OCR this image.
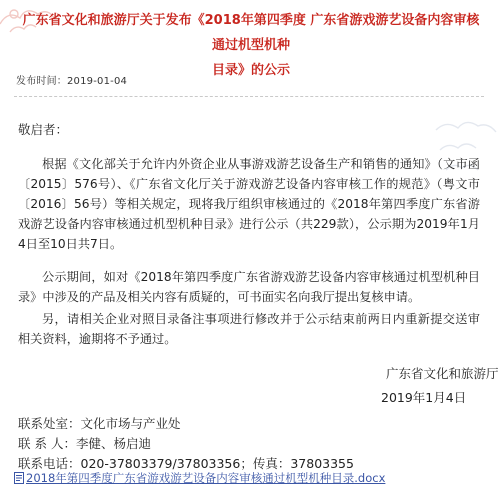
广东省文化和旅游厅关于发布《2018年第四季度 广东省游戏游艺设备内容审核通过机型机种
目录》的公示
发布时间：2019-01-04
敬启者：

根据《文化部关于允许内外资企业从事游戏游艺设备生产和销售的通知》（文市函〔2015〕576号）、《广东省文化厅关于游戏游艺设备内容审核工作的规范》（粤文市〔2016〕56号）等相关规定，现将我厅组织审核通过的《2018年第四季度广东省游戏游艺设备内容审核通过机型机种目录》进行公示（共229款），公示期为2019年1月4日至10日共7日。

公示期间，如对《2018年第四季度广东省游戏游艺设备内容审核通过机型机种目录》中涉及的产品及相关内容有质疑的，可书面实名向我厅提出复核申请。

另，请相关企业对照目录备注事项进行修改并于公示结束前两日内重新提交送审相关资料，逾期将不予通过。

广东省文化和旅游厅
2019年1月4日
联系处室：文化市场与产业处
联 系 人：李健、杨启迪
联系电话：020-37803379/37803356；传真：37803355
2018年第四季度广东省游戏游艺设备内容审核通过机型机种目录.docx
